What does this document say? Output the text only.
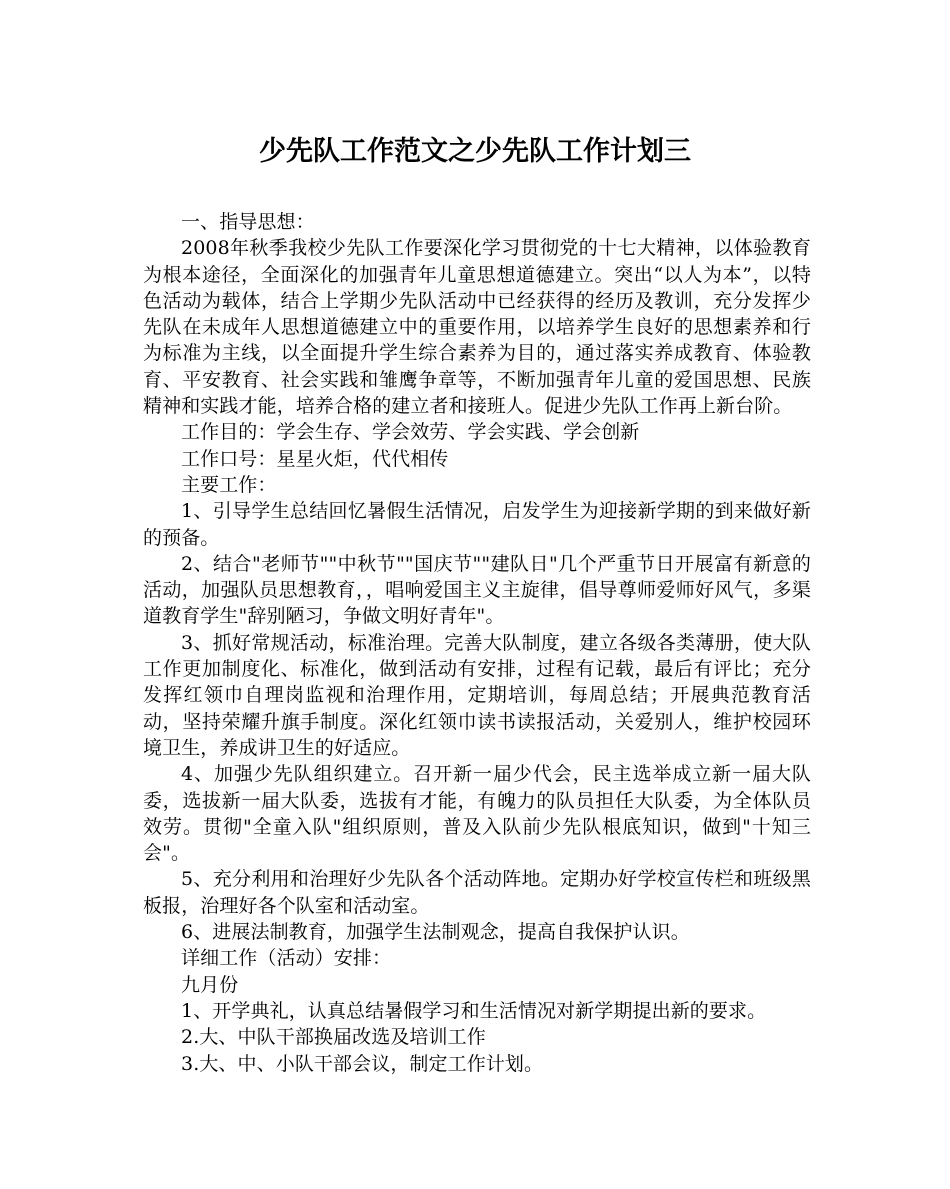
少先队工作范文之少先队工作计划三

一、指导思想：

2008年秋季我校少先队工作要深化学习贯彻党的十七大精神，以体验教育为根本途径，全面深化的加强青年儿童思想道德建立。突出“以人为本”，以特色活动为载体，结合上学期少先队活动中已经获得的经历及教训，充分发挥少先队在未成年人思想道德建立中的重要作用，以培养学生良好的思想素养和行为标准为主线，以全面提升学生综合素养为目的，通过落实养成教育、体验教育、平安教育、社会实践和雏鹰争章等，不断加强青年儿童的爱国思想、民族精神和实践才能，培养合格的建立者和接班人。促进少先队工作再上新台阶。

工作目的：学会生存、学会效劳、学会实践、学会创新

工作口号：星星火炬，代代相传

主要工作：

1、引导学生总结回忆暑假生活情况，启发学生为迎接新学期的到来做好新的预备。

2、结合"老师节""中秋节""国庆节""建队日"几个严重节日开展富有新意的活动，加强队员思想教育，，唱响爱国主义主旋律，倡导尊师爱师好风气，多渠道教育学生"辞别陋习，争做文明好青年"。

3、抓好常规活动，标准治理。完善大队制度，建立各级各类薄册，使大队工作更加制度化、标准化，做到活动有安排，过程有记载，最后有评比；充分发挥红领巾自理岗监视和治理作用，定期培训，每周总结；开展典范教育活动，坚持荣耀升旗手制度。深化红领巾读书读报活动，关爱别人，维护校园环境卫生，养成讲卫生的好适应。

4、加强少先队组织建立。召开新一届少代会，民主选举成立新一届大队委，选拔新一届大队委，选拔有才能，有魄力的队员担任大队委，为全体队员效劳。贯彻"全童入队"组织原则，普及入队前少先队根底知识，做到"十知三会"。

5、充分利用和治理好少先队各个活动阵地。定期办好学校宣传栏和班级黑板报，治理好各个队室和活动室。

6、进展法制教育，加强学生法制观念，提高自我保护认识。

详细工作（活动）安排：

九月份

1、开学典礼，认真总结暑假学习和生活情况对新学期提出新的要求。

2.大、中队干部换届改选及培训工作

3.大、中、小队干部会议，制定工作计划。
